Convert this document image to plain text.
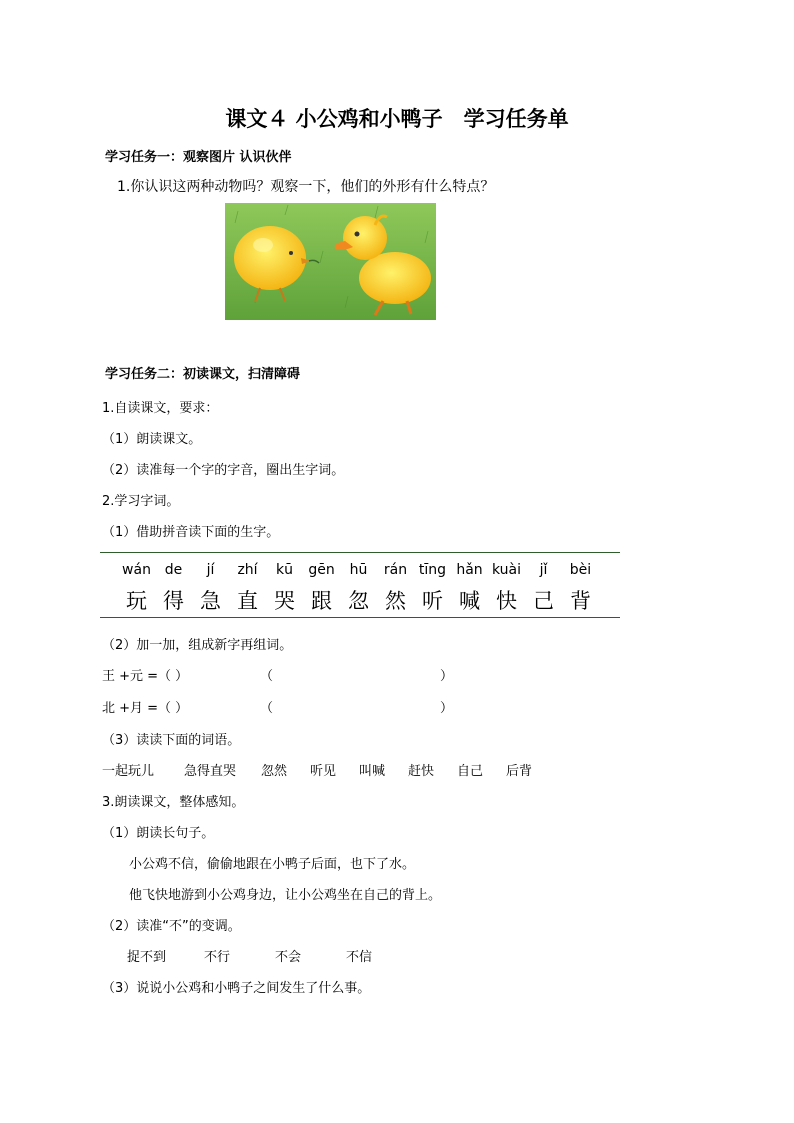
课文４ 小公鸡和小鸭子　学习任务单
学习任务一：观察图片 认识伙伴
1.你认识这两种动物吗？观察一下，他们的外形有什么特点？
学习任务二：初读课文，扫清障碍
1.自读课文，要求：
（1）朗读课文。
（2）读准每一个字的字音，圈出生字词。
2.学习字词。
（1）借助拼音读下面的生字。
wán de jí zhí kū gēn hū rán tīng hǎn kuài jǐ bèi
玩 得 急 直 哭 跟 忽 然 听 喊 快 己 背
（2）加一加，组成新字再组词。
王 +元 =（ ）	（	）
北 +月 =（ ）	（	）
（3）读读下面的词语。
一起玩儿 急得直哭 忽然 听见 叫喊 赶快 自己 后背
3.朗读课文，整体感知。
（1）朗读长句子。
小公鸡不信，偷偷地跟在小鸭子后面，也下了水。
他飞快地游到小公鸡身边，让小公鸡坐在自己的背上。
（2）读准“不”的变调。
捉不到	不行	不会	不信
（3）说说小公鸡和小鸭子之间发生了什么事。
